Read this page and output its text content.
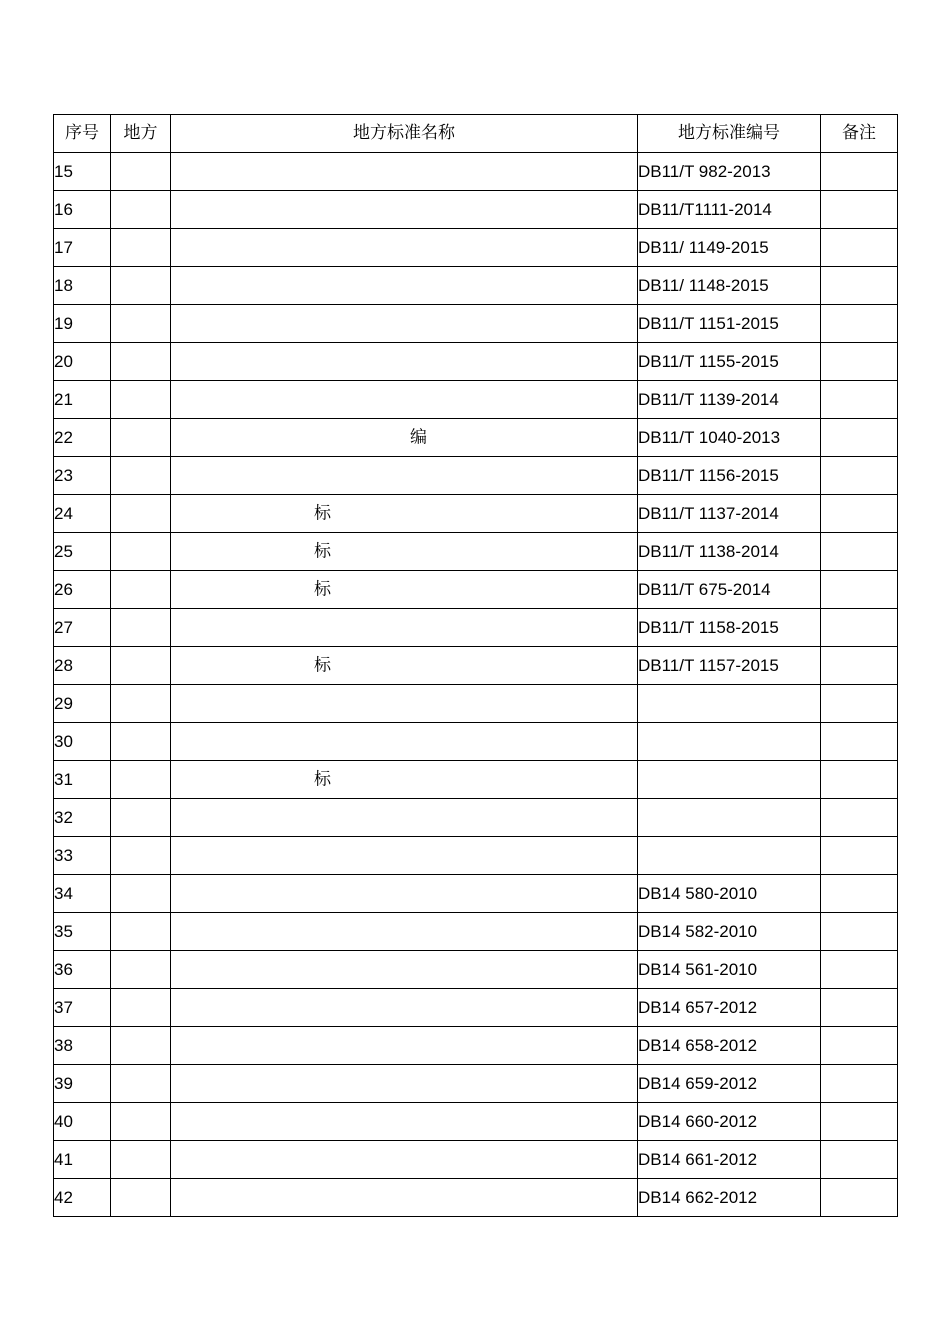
序号	地方	地方标准名称	地方标准编号	备注
15			DB11/T 982-2013	
16			DB11/T1111-2014	
17			DB11/ 1149-2015	
18			DB11/ 1148-2015	
19			DB11/T 1151-2015	
20			DB11/T 1155-2015	
21			DB11/T 1139-2014	
22		编	DB11/T 1040-2013	
23			DB11/T 1156-2015	
24		标	DB11/T 1137-2014	
25		标	DB11/T 1138-2014	
26		标	DB11/T 675-2014	
27			DB11/T 1158-2015	
28		标	DB11/T 1157-2015	
29		

30		

31		标		

32		

33		

34			DB14 580-2010	
35			DB14 582-2010	
36			DB14 561-2010	
37			DB14 657-2012	
38			DB14 658-2012	
39			DB14 659-2012	
40			DB14 660-2012	
41			DB14 661-2012	
42			DB14 662-2012	
